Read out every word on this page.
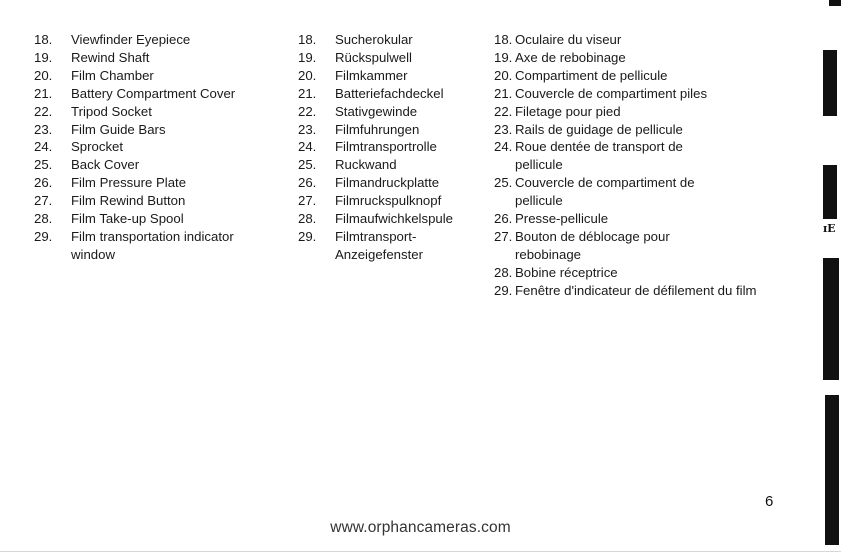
18.	Viewfinder Eyepiece
19.	Rewind Shaft
20.	Film Chamber
21.	Battery Compartment Cover
22.	Tripod Socket
23.	Film Guide Bars
24.	Sprocket
25.	Back Cover
26.	Film Pressure Plate
27.	Film Rewind Button
28.	Film Take-up Spool
29.	Film transportation indicator window
18.	Sucherokular
19.	Rückspulwell
20.	Filmkammer
21.	Batteriefachdeckel
22.	Stativgewinde
23.	Filmfuhrungen
24.	Filmtransportrolle
25.	Ruckwand
26.	Filmandruckplatte
27.	Filmruckspulknopf
28.	Filmaufwichkelspule
29.	Filmtransport-
Anzeigefenster
18. Oculaire du viseur
19. Axe de rebobinage
20. Compartiment de pellicule
21. Couvercle de compartiment piles
22. Filetage pour pied
23. Rails de guidage de pellicule
24. Roue dentée de transport de pellicule
25. Couvercle de compartiment de pellicule
26. Presse-pellicule
27. Bouton de déblocage pour rebobinage
28. Bobine réceptrice
29. Fenêtre d'indicateur de défilement du film
6
www.orphancameras.com
ɪE
